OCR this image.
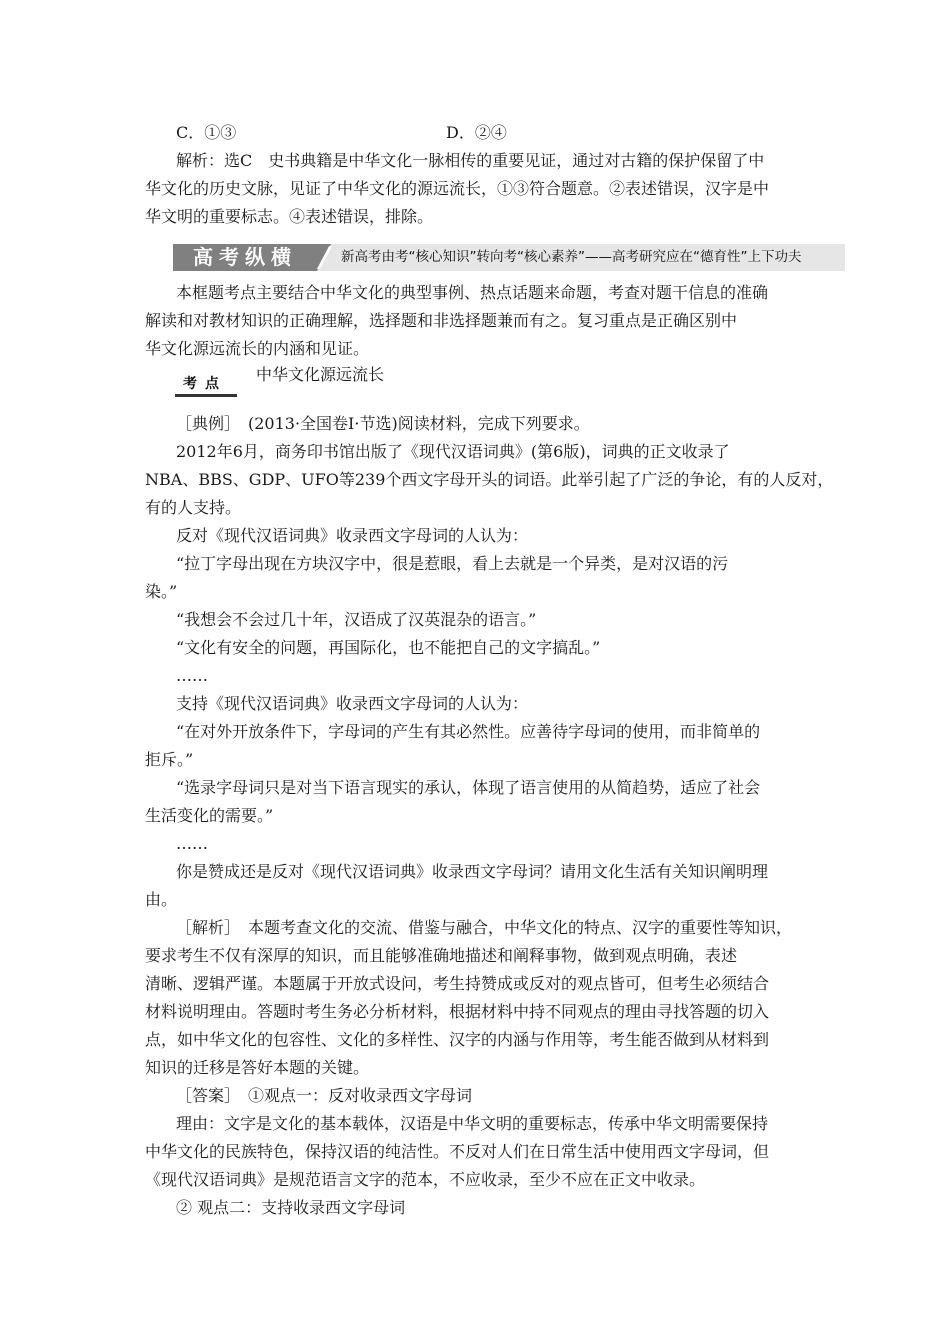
C．①③	D．②④
解析：选C　史书典籍是中华文化一脉相传的重要见证，通过对古籍的保护保留了中
华文化的历史文脉，见证了中华文化的源远流长，①③符合题意。②表述错误，汉字是中
华文明的重要标志。④表述错误，排除。
高考纵横	新高考由考“核心知识”转向考“核心素养”——高考研究应在“德育性”上下功夫
本框题考点主要结合中华文化的典型事例、热点话题来命题，考查对题干信息的准确
解读和对教材知识的正确理解，选择题和非选择题兼而有之。复习重点是正确区别中
华文化源远流长的内涵和见证。
考点	中华文化源远流长
［典例］　(2013·全国卷Ⅰ·节选)阅读材料，完成下列要求。
2012年6月，商务印书馆出版了《现代汉语词典》(第6版)，词典的正文收录了
NBA、BBS、GDP、UFO等239个西文字母开头的词语。此举引起了广泛的争论，有的人反对，
有的人支持。
反对《现代汉语词典》收录西文字母词的人认为：
“拉丁字母出现在方块汉字中，很是惹眼，看上去就是一个异类，是对汉语的污
染。”
“我想会不会过几十年，汉语成了汉英混杂的语言。”
“文化有安全的问题，再国际化，也不能把自己的文字搞乱。”
……
支持《现代汉语词典》收录西文字母词的人认为：
“在对外开放条件下，字母词的产生有其必然性。应善待字母词的使用，而非简单的
拒斥。”
“选录字母词只是对当下语言现实的承认，体现了语言使用的从简趋势，适应了社会
生活变化的需要。”
……
你是赞成还是反对《现代汉语词典》收录西文字母词？请用文化生活有关知识阐明理
由。
［解析］　本题考查文化的交流、借鉴与融合，中华文化的特点、汉字的重要性等知识，
要求考生不仅有深厚的知识，而且能够准确地描述和阐释事物，做到观点明确，表述
清晰、逻辑严谨。本题属于开放式设问，考生持赞成或反对的观点皆可，但考生必须结合
材料说明理由。答题时考生务必分析材料，根据材料中持不同观点的理由寻找答题的切入
点，如中华文化的包容性、文化的多样性、汉字的内涵与作用等，考生能否做到从材料到
知识的迁移是答好本题的关键。
［答案］　①观点一：反对收录西文字母词
理由：文字是文化的基本载体，汉语是中华文明的重要标志，传承中华文明需要保持
中华文化的民族特色，保持汉语的纯洁性。不反对人们在日常生活中使用西文字母词，但
《现代汉语词典》是规范语言文字的范本，不应收录，至少不应在正文中收录。
② 观点二：支持收录西文字母词
